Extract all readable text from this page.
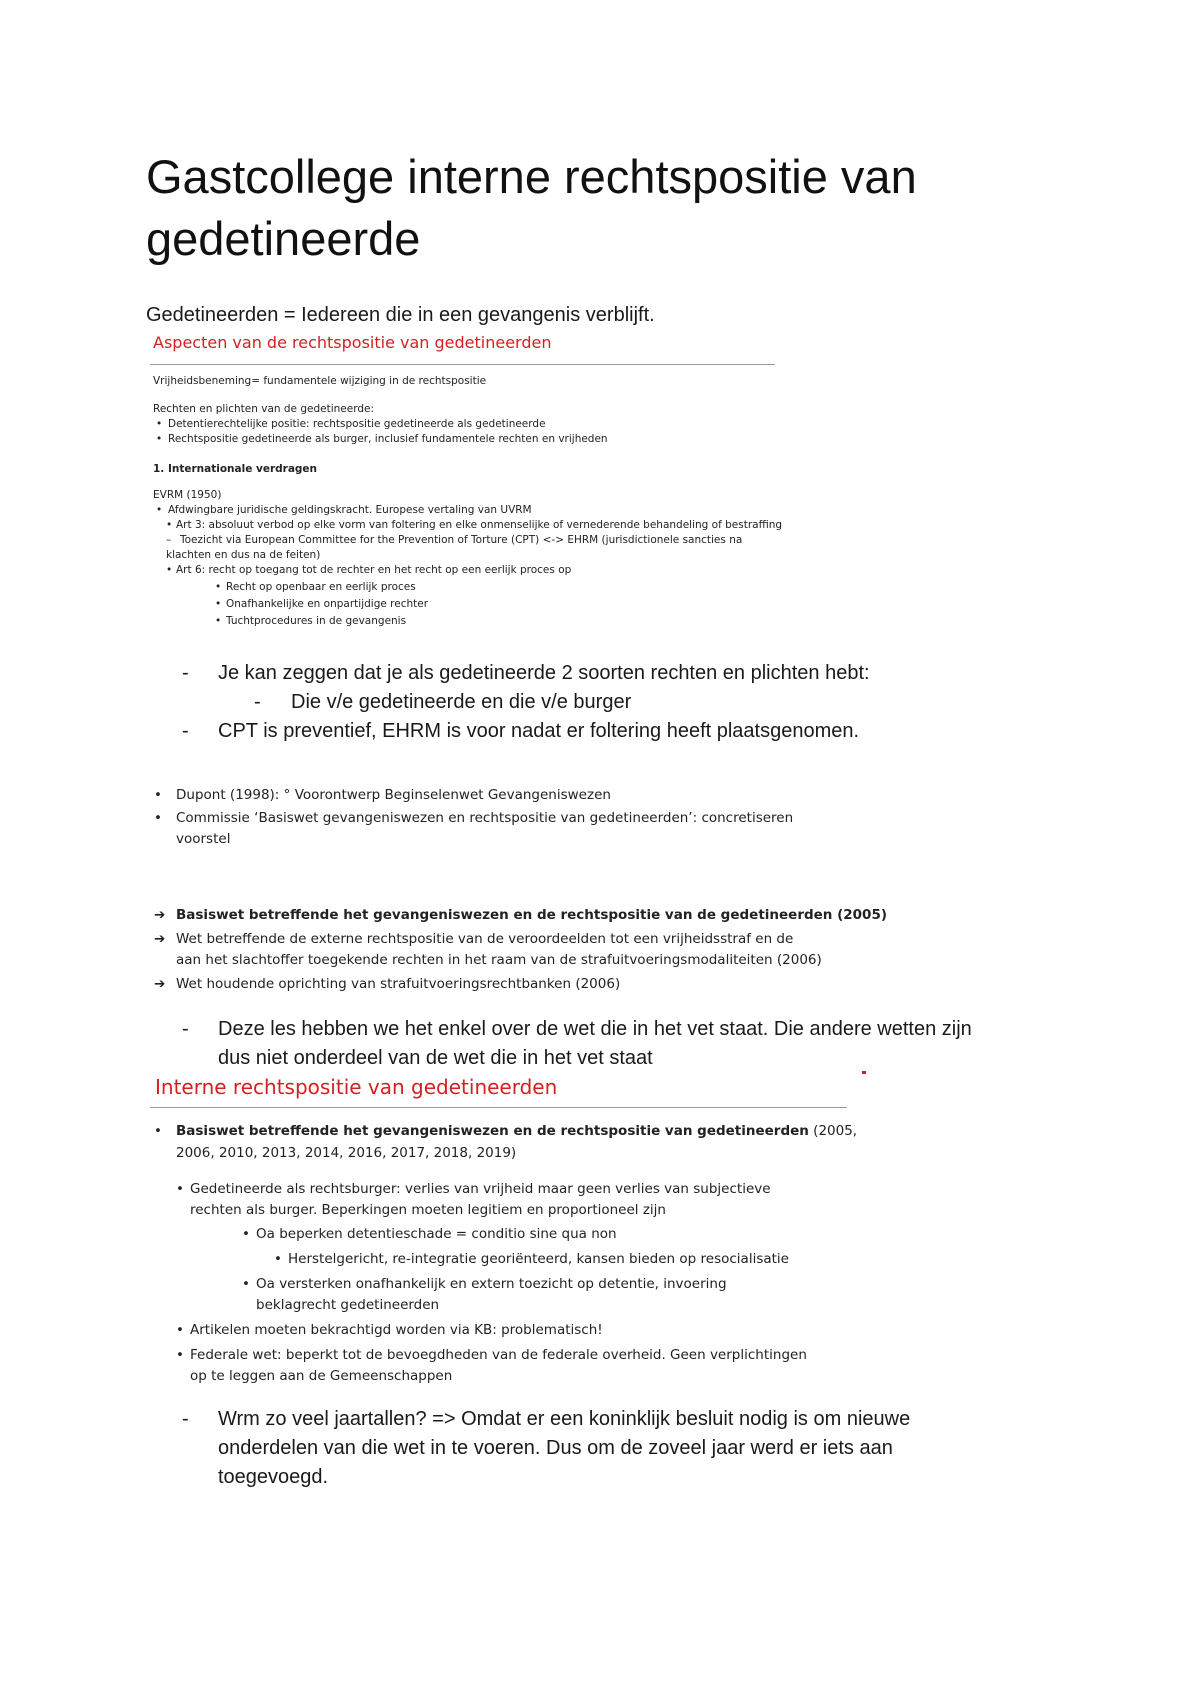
Gastcollege interne rechtspositie van gedetineerde
Gedetineerden = Iedereen die in een gevangenis verblijft.
Aspecten van de rechtspositie van gedetineerden
Vrijheidsbeneming= fundamentele wijziging in de rechtspositie
Rechten en plichten van de gedetineerde:
• Detentierechtelijke positie: rechtspositie gedetineerde als gedetineerde
• Rechtspositie gedetineerde als burger, inclusief fundamentele rechten en vrijheden
1. Internationale verdragen
EVRM (1950)
• Afdwingbare juridische geldingskracht. Europese vertaling van UVRM
• Art 3: absoluut verbod op elke vorm van foltering en elke onmenselijke of vernederende behandeling of bestraffing
– Toezicht via European Committee for the Prevention of Torture (CPT) <-> EHRM (jurisdictionele sancties na
klachten en dus na de feiten)
• Art 6: recht op toegang tot de rechter en het recht op een eerlijk proces op
• Recht op openbaar en eerlijk proces
• Onafhankelijke en onpartijdige rechter
• Tuchtprocedures in de gevangenis
- Je kan zeggen dat je als gedetineerde 2 soorten rechten en plichten hebt:
- Die v/e gedetineerde en die v/e burger
- CPT is preventief, EHRM is voor nadat er foltering heeft plaatsgenomen.
• Dupont (1998): ° Voorontwerp Beginselenwet Gevangeniswezen
• Commissie ‘Basiswet gevangeniswezen en rechtspositie van gedetineerden’: concretiseren
voorstel
➔ Basiswet betreffende het gevangeniswezen en de rechtspositie van de gedetineerden (2005)
➔ Wet betreffende de externe rechtspositie van de veroordeelden tot een vrijheidsstraf en de
aan het slachtoffer toegekende rechten in het raam van de strafuitvoeringsmodaliteiten (2006)
➔ Wet houdende oprichting van strafuitvoeringsrechtbanken (2006)
- Deze les hebben we het enkel over de wet die in het vet staat. Die andere wetten zijn
dus niet onderdeel van de wet die in het vet staat
Interne rechtspositie van gedetineerden
• Basiswet betreffende het gevangeniswezen en de rechtspositie van gedetineerden (2005,
2006, 2010, 2013, 2014, 2016, 2017, 2018, 2019)
• Gedetineerde als rechtsburger: verlies van vrijheid maar geen verlies van subjectieve
rechten als burger. Beperkingen moeten legitiem en proportioneel zijn
• Oa beperken detentieschade = conditio sine qua non
• Herstelgericht, re-integratie georiënteerd, kansen bieden op resocialisatie
• Oa versterken onafhankelijk en extern toezicht op detentie, invoering
beklagrecht gedetineerden
• Artikelen moeten bekrachtigd worden via KB: problematisch!
• Federale wet: beperkt tot de bevoegdheden van de federale overheid. Geen verplichtingen
op te leggen aan de Gemeenschappen
- Wrm zo veel jaartallen? => Omdat er een koninklijk besluit nodig is om nieuwe
onderdelen van die wet in te voeren. Dus om de zoveel jaar werd er iets aan
toegevoegd.
